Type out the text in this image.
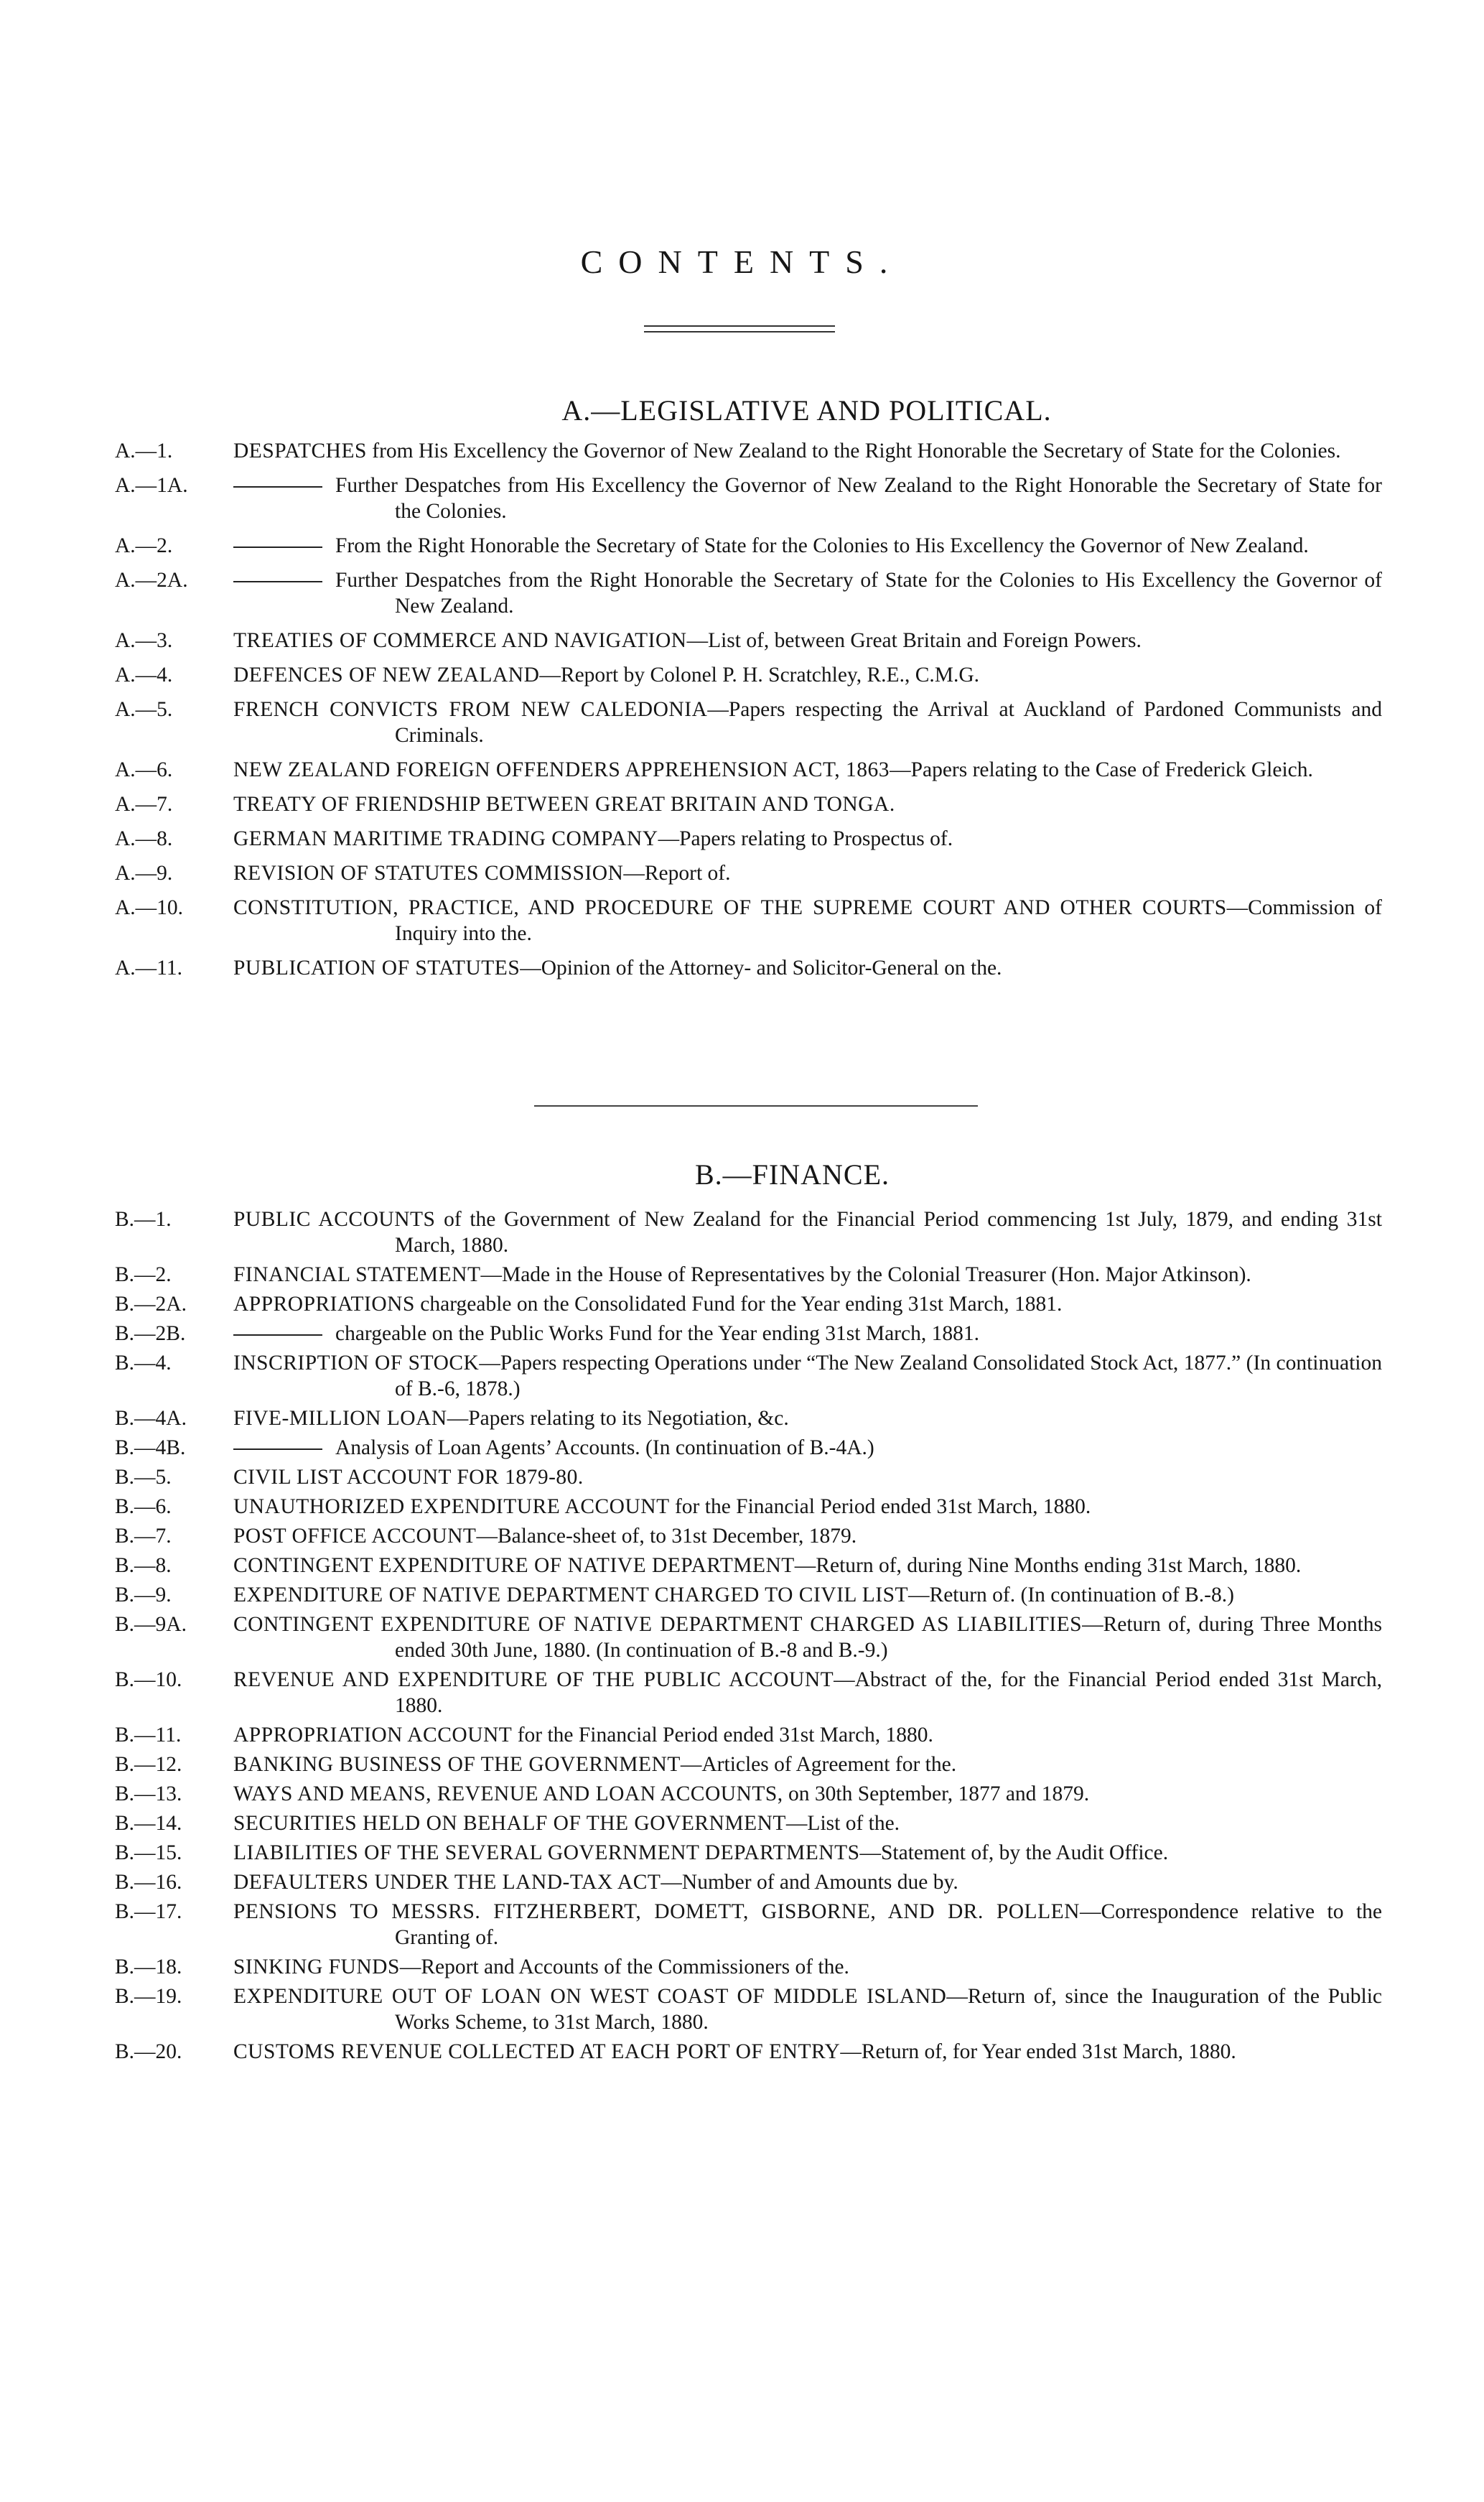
CONTENTS.
A.—LEGISLATIVE AND POLITICAL.
A.—1.	DESPATCHES from His Excellency the Governor of New Zealand to the Right Honorable the Secretary of State for the Colonies.
A.—1A.	Further Despatches from His Excellency the Governor of New Zealand to the Right Honorable the Secretary of State for the Colonies.
A.—2.	From the Right Honorable the Secretary of State for the Colonies to His Excellency the Governor of New Zealand.
A.—2A.	Further Despatches from the Right Honorable the Secretary of State for the Colonies to His Excellency the Governor of New Zealand.
A.—3.	TREATIES OF COMMERCE AND NAVIGATION—List of, between Great Britain and Foreign Powers.
A.—4.	DEFENCES OF NEW ZEALAND—Report by Colonel P. H. Scratchley, R.E., C.M.G.
A.—5.	FRENCH CONVICTS FROM NEW CALEDONIA—Papers respecting the Arrival at Auckland of Pardoned Communists and Criminals.
A.—6.	NEW ZEALAND FOREIGN OFFENDERS APPREHENSION ACT, 1863—Papers relating to the Case of Frederick Gleich.
A.—7.	TREATY OF FRIENDSHIP BETWEEN GREAT BRITAIN AND TONGA.
A.—8.	GERMAN MARITIME TRADING COMPANY—Papers relating to Prospectus of.
A.—9.	REVISION OF STATUTES COMMISSION—Report of.
A.—10.	CONSTITUTION, PRACTICE, AND PROCEDURE OF THE SUPREME COURT AND OTHER COURTS—Commission of Inquiry into the.
A.—11.	PUBLICATION OF STATUTES—Opinion of the Attorney- and Solicitor-General on the.
B.—FINANCE.
B.—1.	PUBLIC ACCOUNTS of the Government of New Zealand for the Financial Period commencing 1st July, 1879, and ending 31st March, 1880.
B.—2.	FINANCIAL STATEMENT—Made in the House of Representatives by the Colonial Treasurer (Hon. Major Atkinson).
B.—2A.	APPROPRIATIONS chargeable on the Consolidated Fund for the Year ending 31st March, 1881.
B.—2B.	chargeable on the Public Works Fund for the Year ending 31st March, 1881.
B.—4.	INSCRIPTION OF STOCK—Papers respecting Operations under “The New Zealand Consolidated Stock Act, 1877.” (In continuation of B.-6, 1878.)
B.—4A.	FIVE-MILLION LOAN—Papers relating to its Negotiation, &c.
B.—4B.	Analysis of Loan Agents’ Accounts. (In continuation of B.-4A.)
B.—5.	CIVIL LIST ACCOUNT FOR 1879-80.
B.—6.	UNAUTHORIZED EXPENDITURE ACCOUNT for the Financial Period ended 31st March, 1880.
B.—7.	POST OFFICE ACCOUNT—Balance-sheet of, to 31st December, 1879.
B.—8.	CONTINGENT EXPENDITURE OF NATIVE DEPARTMENT—Return of, during Nine Months ending 31st March, 1880.
B.—9.	EXPENDITURE OF NATIVE DEPARTMENT CHARGED TO CIVIL LIST—Return of. (In continuation of B.-8.)
B.—9A.	CONTINGENT EXPENDITURE OF NATIVE DEPARTMENT CHARGED AS LIABILITIES—Return of, during Three Months ended 30th June, 1880. (In continuation of B.-8 and B.-9.)
B.—10.	REVENUE AND EXPENDITURE OF THE PUBLIC ACCOUNT—Abstract of the, for the Financial Period ended 31st March, 1880.
B.—11.	APPROPRIATION ACCOUNT for the Financial Period ended 31st March, 1880.
B.—12.	BANKING BUSINESS OF THE GOVERNMENT—Articles of Agreement for the.
B.—13.	WAYS AND MEANS, REVENUE AND LOAN ACCOUNTS, on 30th September, 1877 and 1879.
B.—14.	SECURITIES HELD ON BEHALF OF THE GOVERNMENT—List of the.
B.—15.	LIABILITIES OF THE SEVERAL GOVERNMENT DEPARTMENTS—Statement of, by the Audit Office.
B.—16.	DEFAULTERS UNDER THE LAND-TAX ACT—Number of and Amounts due by.
B.—17.	PENSIONS TO MESSRS. FITZHERBERT, DOMETT, GISBORNE, AND DR. POLLEN—Correspondence relative to the Granting of.
B.—18.	SINKING FUNDS—Report and Accounts of the Commissioners of the.
B.—19.	EXPENDITURE OUT OF LOAN ON WEST COAST OF MIDDLE ISLAND—Return of, since the Inauguration of the Public Works Scheme, to 31st March, 1880.
B.—20.	CUSTOMS REVENUE COLLECTED AT EACH PORT OF ENTRY—Return of, for Year ended 31st March, 1880.
